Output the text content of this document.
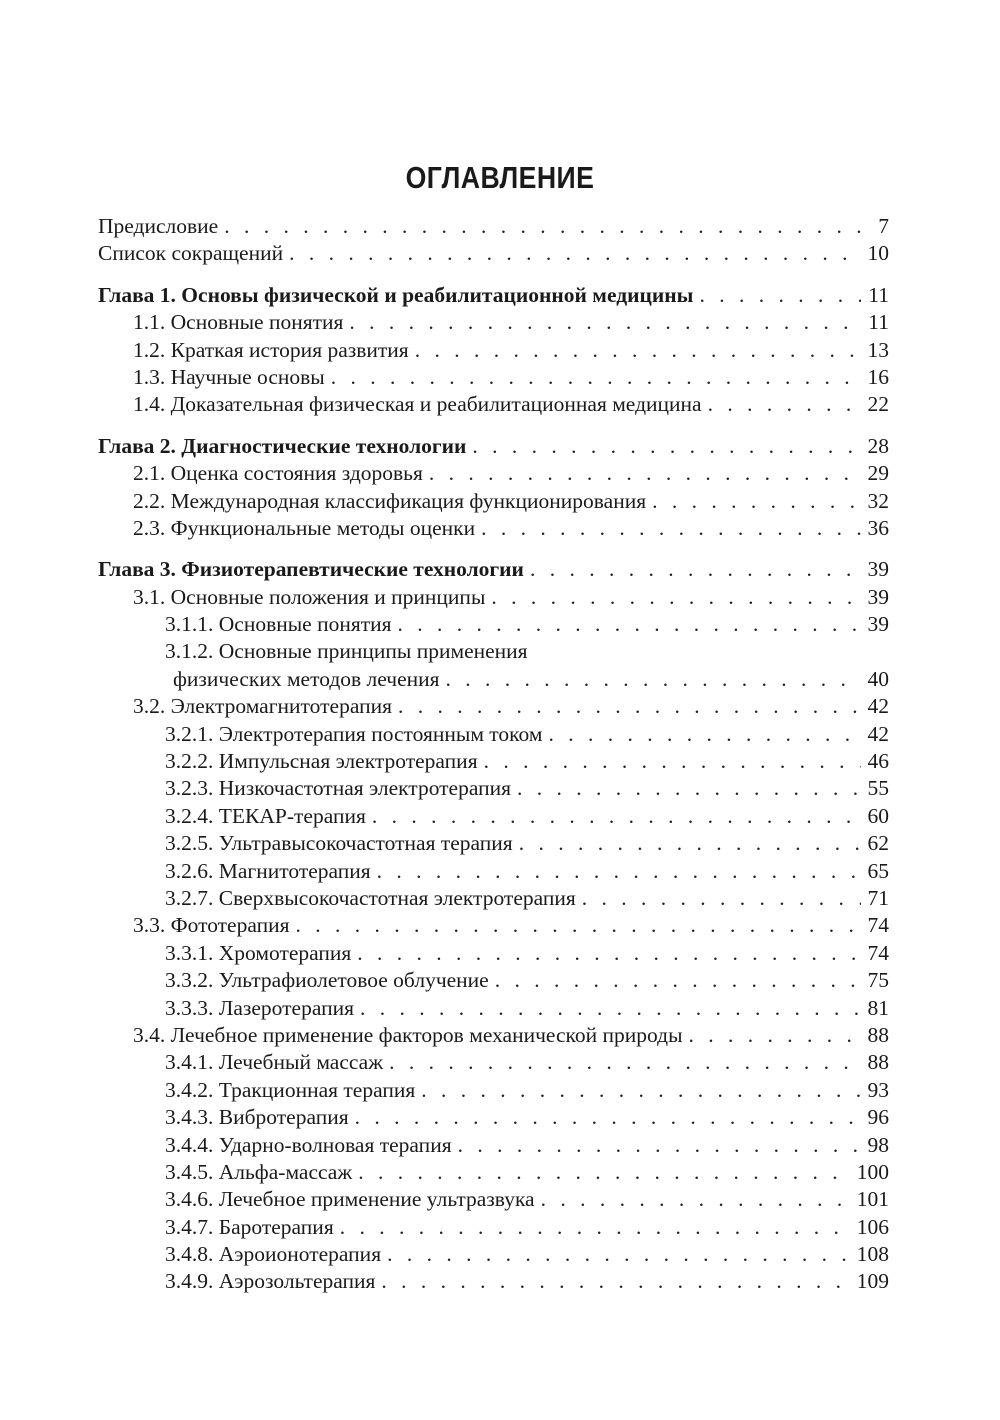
ОГЛАВЛЕНИЕ
Предисловие . . .	7
Список сокращений . . .	10
Глава 1. Основы физической и реабилитационной медицины . . .	11
1.1. Основные понятия . . .	11
1.2. Краткая история развития . . .	13
1.3. Научные основы . . .	16
1.4. Доказательная физическая и реабилитационная медицина . . .	22
Глава 2. Диагностические технологии . . .	28
2.1. Оценка состояния здоровья . . .	29
2.2. Международная классификация функционирования . . .	32
2.3. Функциональные методы оценки . . .	36
Глава 3. Физиотерапевтические технологии . . .	39
3.1. Основные положения и принципы . . .	39
3.1.1. Основные понятия . . .	39
3.1.2. Основные принципы применения
физических методов лечения . . .	40
3.2. Электромагнитотерапия . . .	42
3.2.1. Электротерапия постоянным током . . .	42
3.2.2. Импульсная электротерапия . . .	46
3.2.3. Низкочастотная электротерапия . . .	55
3.2.4. ТЕКАР-терапия . . .	60
3.2.5. Ультравысокочастотная терапия . . .	62
3.2.6. Магнитотерапия . . .	65
3.2.7. Сверхвысокочастотная электротерапия . . .	71
3.3. Фототерапия . . .	74
3.3.1. Хромотерапия . . .	74
3.3.2. Ультрафиолетовое облучение . . .	75
3.3.3. Лазеротерапия . . .	81
3.4. Лечебное применение факторов механической природы . . .	88
3.4.1. Лечебный массаж . . .	88
3.4.2. Тракционная терапия . . .	93
3.4.3. Вибротерапия . . .	96
3.4.4. Ударно-волновая терапия . . .	98
3.4.5. Альфа-массаж . . .	100
3.4.6. Лечебное применение ультразвука . . .	101
3.4.7. Баротерапия . . .	106
3.4.8. Аэроионотерапия . . .	108
3.4.9. Аэрозольтерапия . . .	109
